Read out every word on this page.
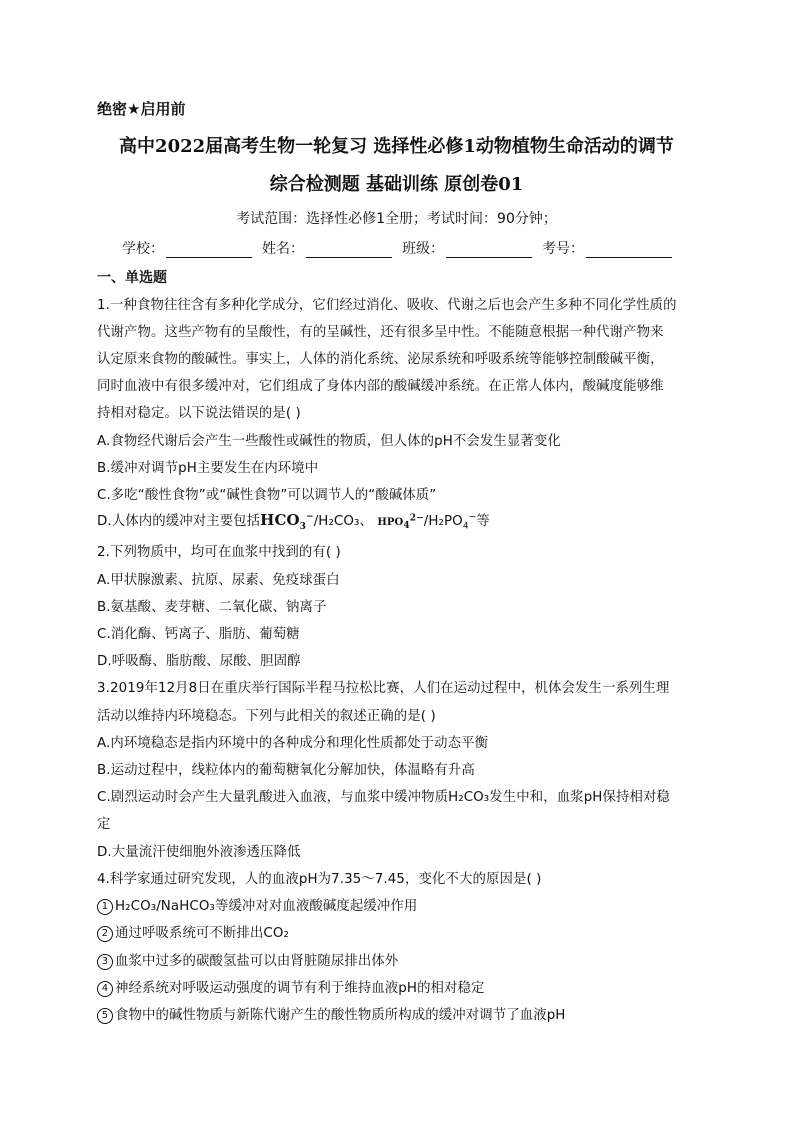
绝密★启用前
高中2022届高考生物一轮复习 选择性必修1动物植物生命活动的调节
综合检测题 基础训练 原创卷01
考试范围：选择性必修1全册；考试时间：90分钟；
学校：	姓名：	班级：	考号：
一、单选题
1.一种食物往往含有多种化学成分，它们经过消化、吸收、代谢之后也会产生多种不同化学性质的
代谢产物。这些产物有的呈酸性，有的呈碱性，还有很多呈中性。不能随意根据一种代谢产物来
认定原来食物的酸碱性。事实上，人体的消化系统、泌尿系统和呼吸系统等能够控制酸碱平衡，
同时血液中有很多缓冲对，它们组成了身体内部的酸碱缓冲系统。在正常人体内，酸碱度能够维
持相对稳定。以下说法错误的是( )
A.食物经代谢后会产生一些酸性或碱性的物质，但人体的pH不会发生显著变化
B.缓冲对调节pH主要发生在内环境中
C.多吃“酸性食物”或“碱性食物”可以调节人的“酸碱体质”
D.人体内的缓冲对主要包括$HCO_3^-$/H₂CO₃、 $HPO_4^{2-}/H_2PO_4^-$等
2.下列物质中，均可在血浆中找到的有( )
A.甲状腺激素、抗原、尿素、免疫球蛋白
B.氨基酸、麦芽糖、二氧化碳、钠离子
C.消化酶、钙离子、脂肪、葡萄糖
D.呼吸酶、脂肪酸、尿酸、胆固醇
3.2019年12月8日在重庆举行国际半程马拉松比赛，人们在运动过程中，机体会发生一系列生理
活动以维持内环境稳态。下列与此相关的叙述正确的是( )
A.内环境稳态是指内环境中的各种成分和理化性质都处于动态平衡
B.运动过程中，线粒体内的葡萄糖氧化分解加快，体温略有升高
C.剧烈运动时会产生大量乳酸进入血液，与血浆中缓冲物质H₂CO₃发生中和，血浆pH保持相对稳
定
D.大量流汗使细胞外液渗透压降低
4.科学家通过研究发现，人的血液pH为7.35～7.45，变化不大的原因是( )
1 H₂CO₃/NaHCO₃等缓冲对对血液酸碱度起缓冲作用
2 通过呼吸系统可不断排出CO₂
3 血浆中过多的碳酸氢盐可以由肾脏随尿排出体外
4 神经系统对呼吸运动强度的调节有利于维持血液pH的相对稳定
5 食物中的碱性物质与新陈代谢产生的酸性物质所构成的缓冲对调节了血液pH
